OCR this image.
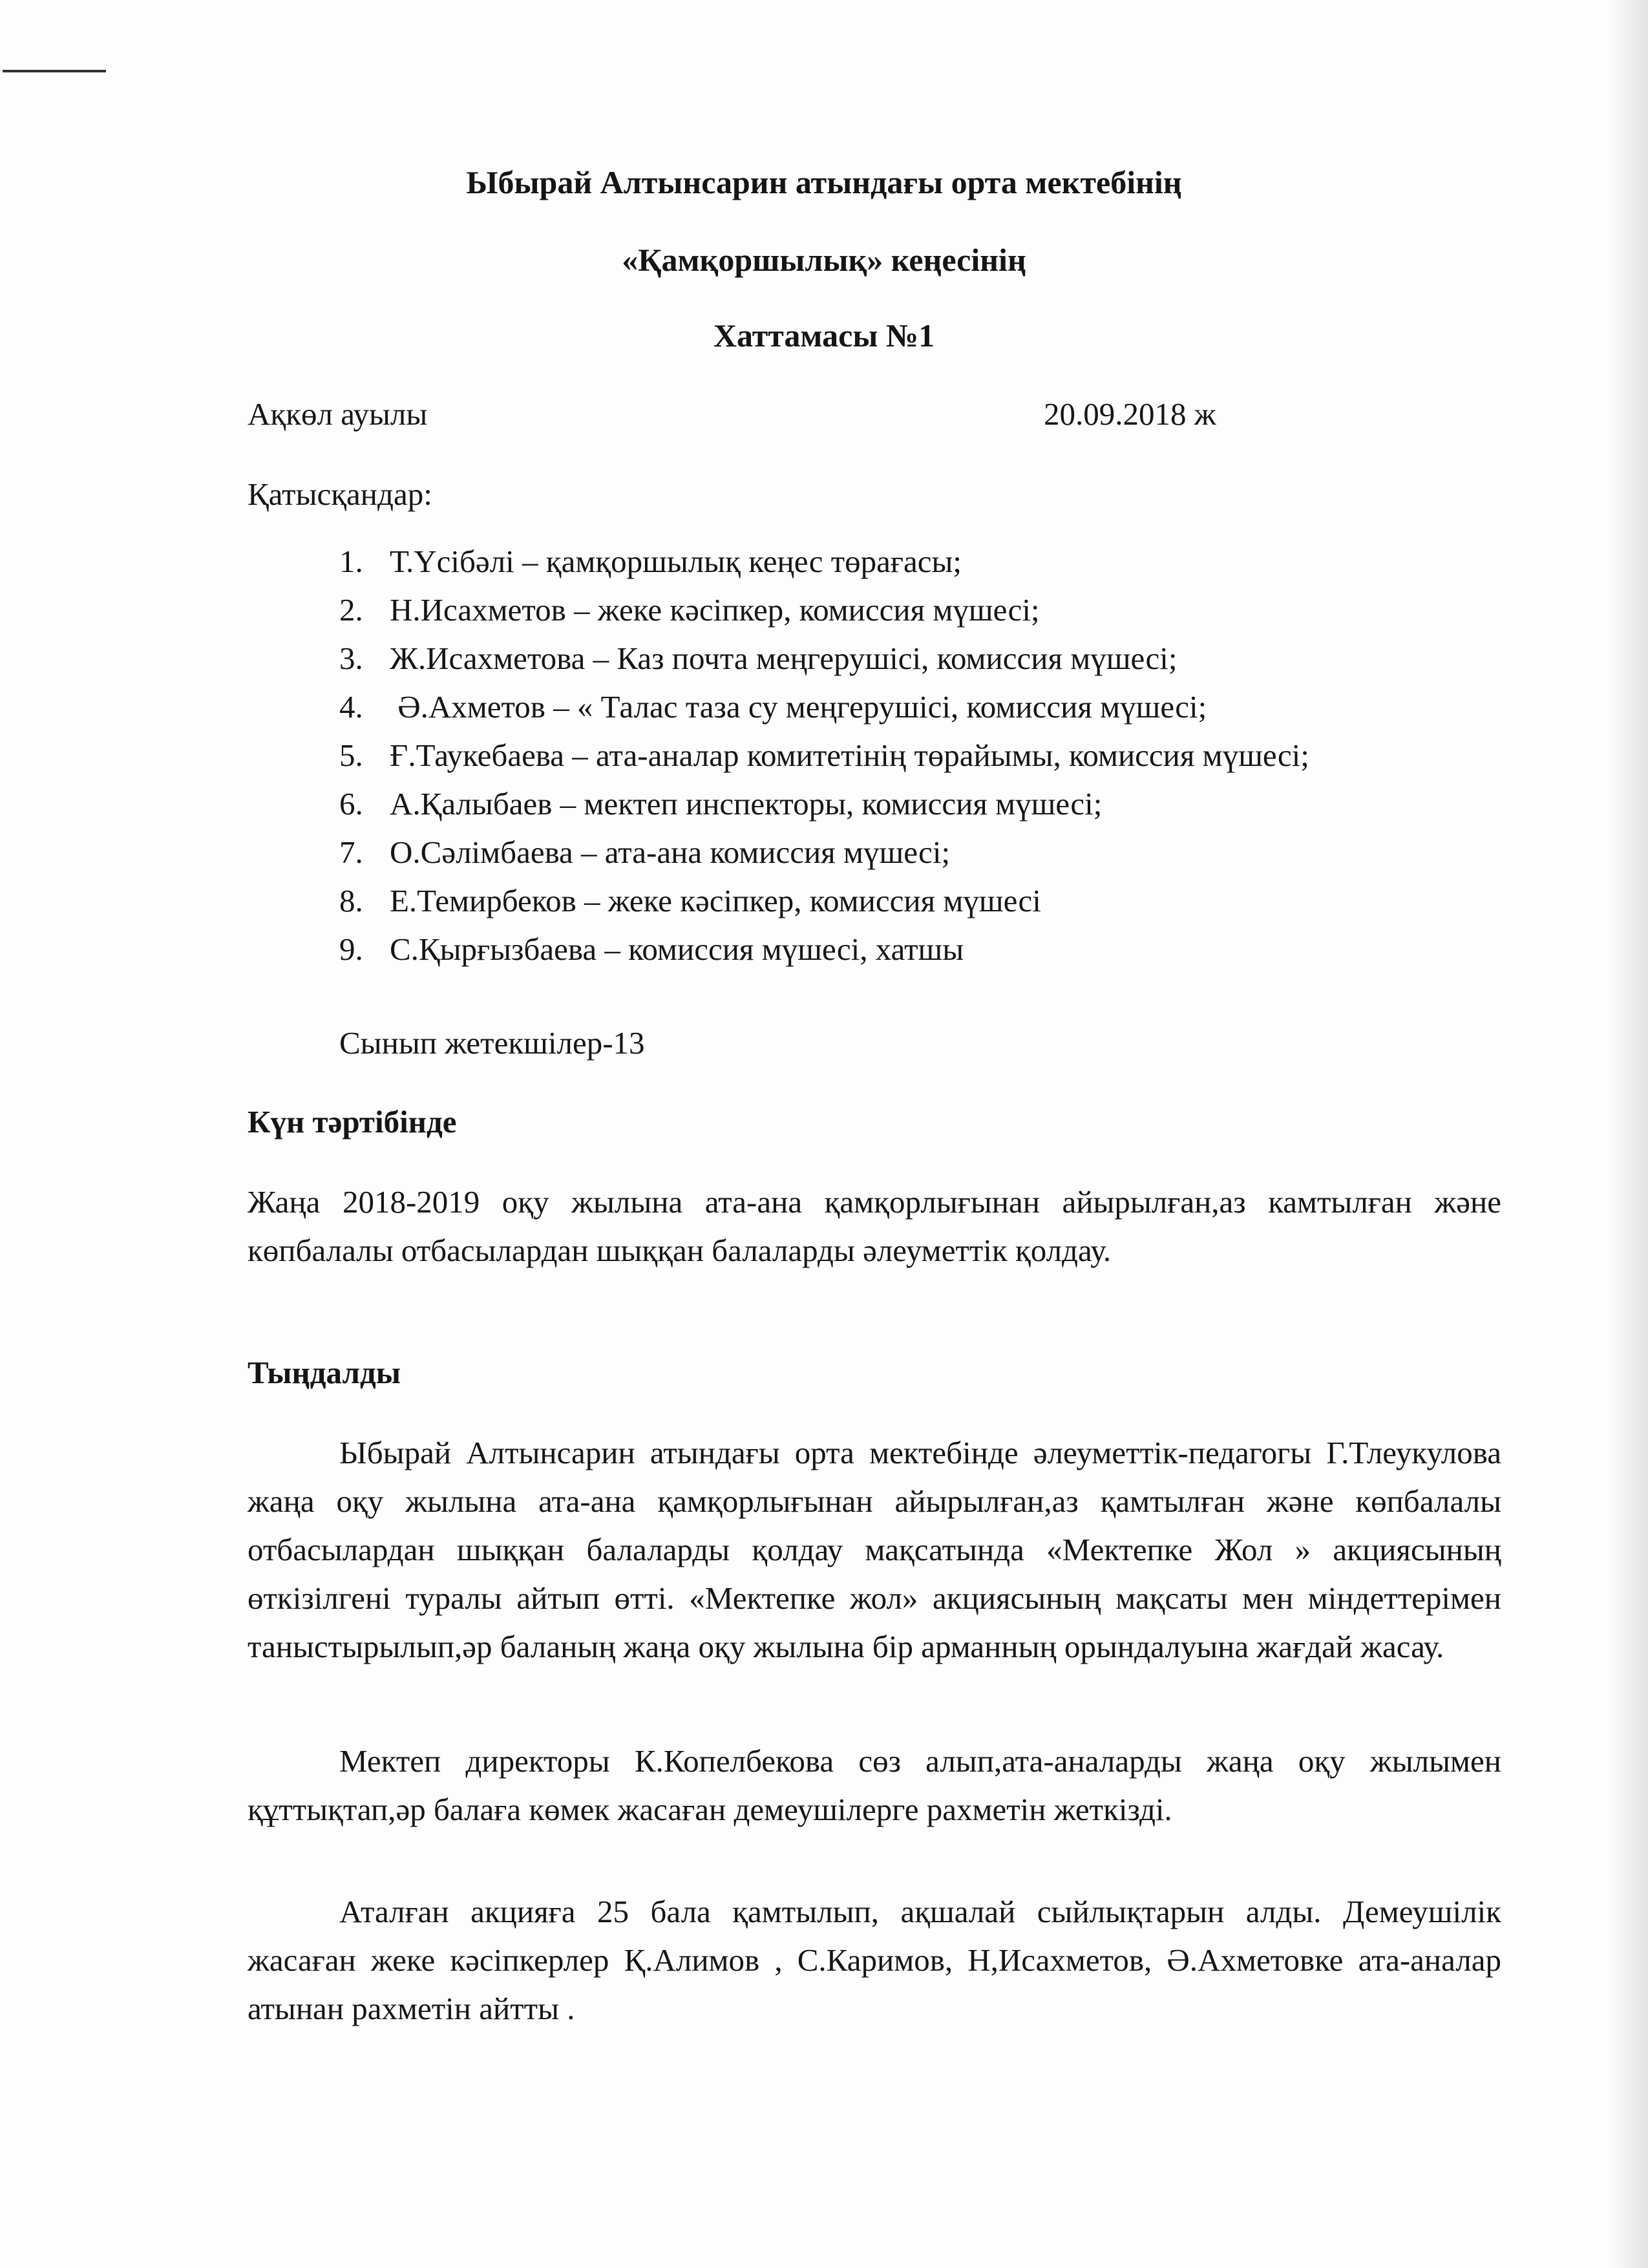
Ыбырай Алтынсарин атындағы орта мектебінің
«Қамқоршылық» кеңесінің
Хаттамасы №1
Ақкөл ауылы	20.09.2018 ж
Қатысқандар:
1. Т.Үсібәлі – қамқоршылық кеңес төрағасы;
2. Н.Исахметов – жеке кәсіпкер, комиссия мүшесі;
3. Ж.Исахметова – Каз почта меңгерушісі, комиссия мүшесі;
4. Ә.Ахметов – « Талас таза су меңгерушісі, комиссия мүшесі;
5. Ғ.Таукебаева – ата-аналар комитетінің төрайымы, комиссия мүшесі;
6. А.Қалыбаев – мектеп инспекторы, комиссия мүшесі;
7. О.Сәлімбаева – ата-ана комиссия мүшесі;
8. Е.Темирбеков – жеке кәсіпкер, комиссия мүшесі
9. С.Қырғызбаева – комиссия мүшесі, хатшы
Сынып жетекшілер-13
Күн тәртібінде
Жаңа 2018-2019 оқу жылына ата-ана қамқорлығынан айырылған,аз камтылған және көпбалалы отбасылардан шыққан балаларды әлеуметтік қолдау.
Тыңдалды
Ыбырай Алтынсарин атындағы орта мектебінде әлеуметтік-педагогы Г.Тлеукулова жаңа оқу жылына ата-ана қамқорлығынан айырылған,аз қамтылған және көпбалалы отбасылардан шыққан балаларды қолдау мақсатында «Мектепке Жол » акциясының өткізілгені туралы айтып өтті. «Мектепке жол» акциясының мақсаты мен міндеттерімен таныстырылып,әр баланың жаңа оқу жылына бір арманның орындалуына жағдай жасау.
Мектеп директоры К.Копелбекова сөз алып,ата-аналарды жаңа оқу жылымен құттықтап,әр балаға көмек жасаған демеушілерге рахметін жеткізді.
Аталған акцияға 25 бала қамтылып, ақшалай сыйлықтарын алды. Демеушілік жасаған жеке кәсіпкерлер Қ.Алимов , С.Каримов, Н,Исахметов, Ә.Ахметовке ата-аналар атынан рахметін айтты .
